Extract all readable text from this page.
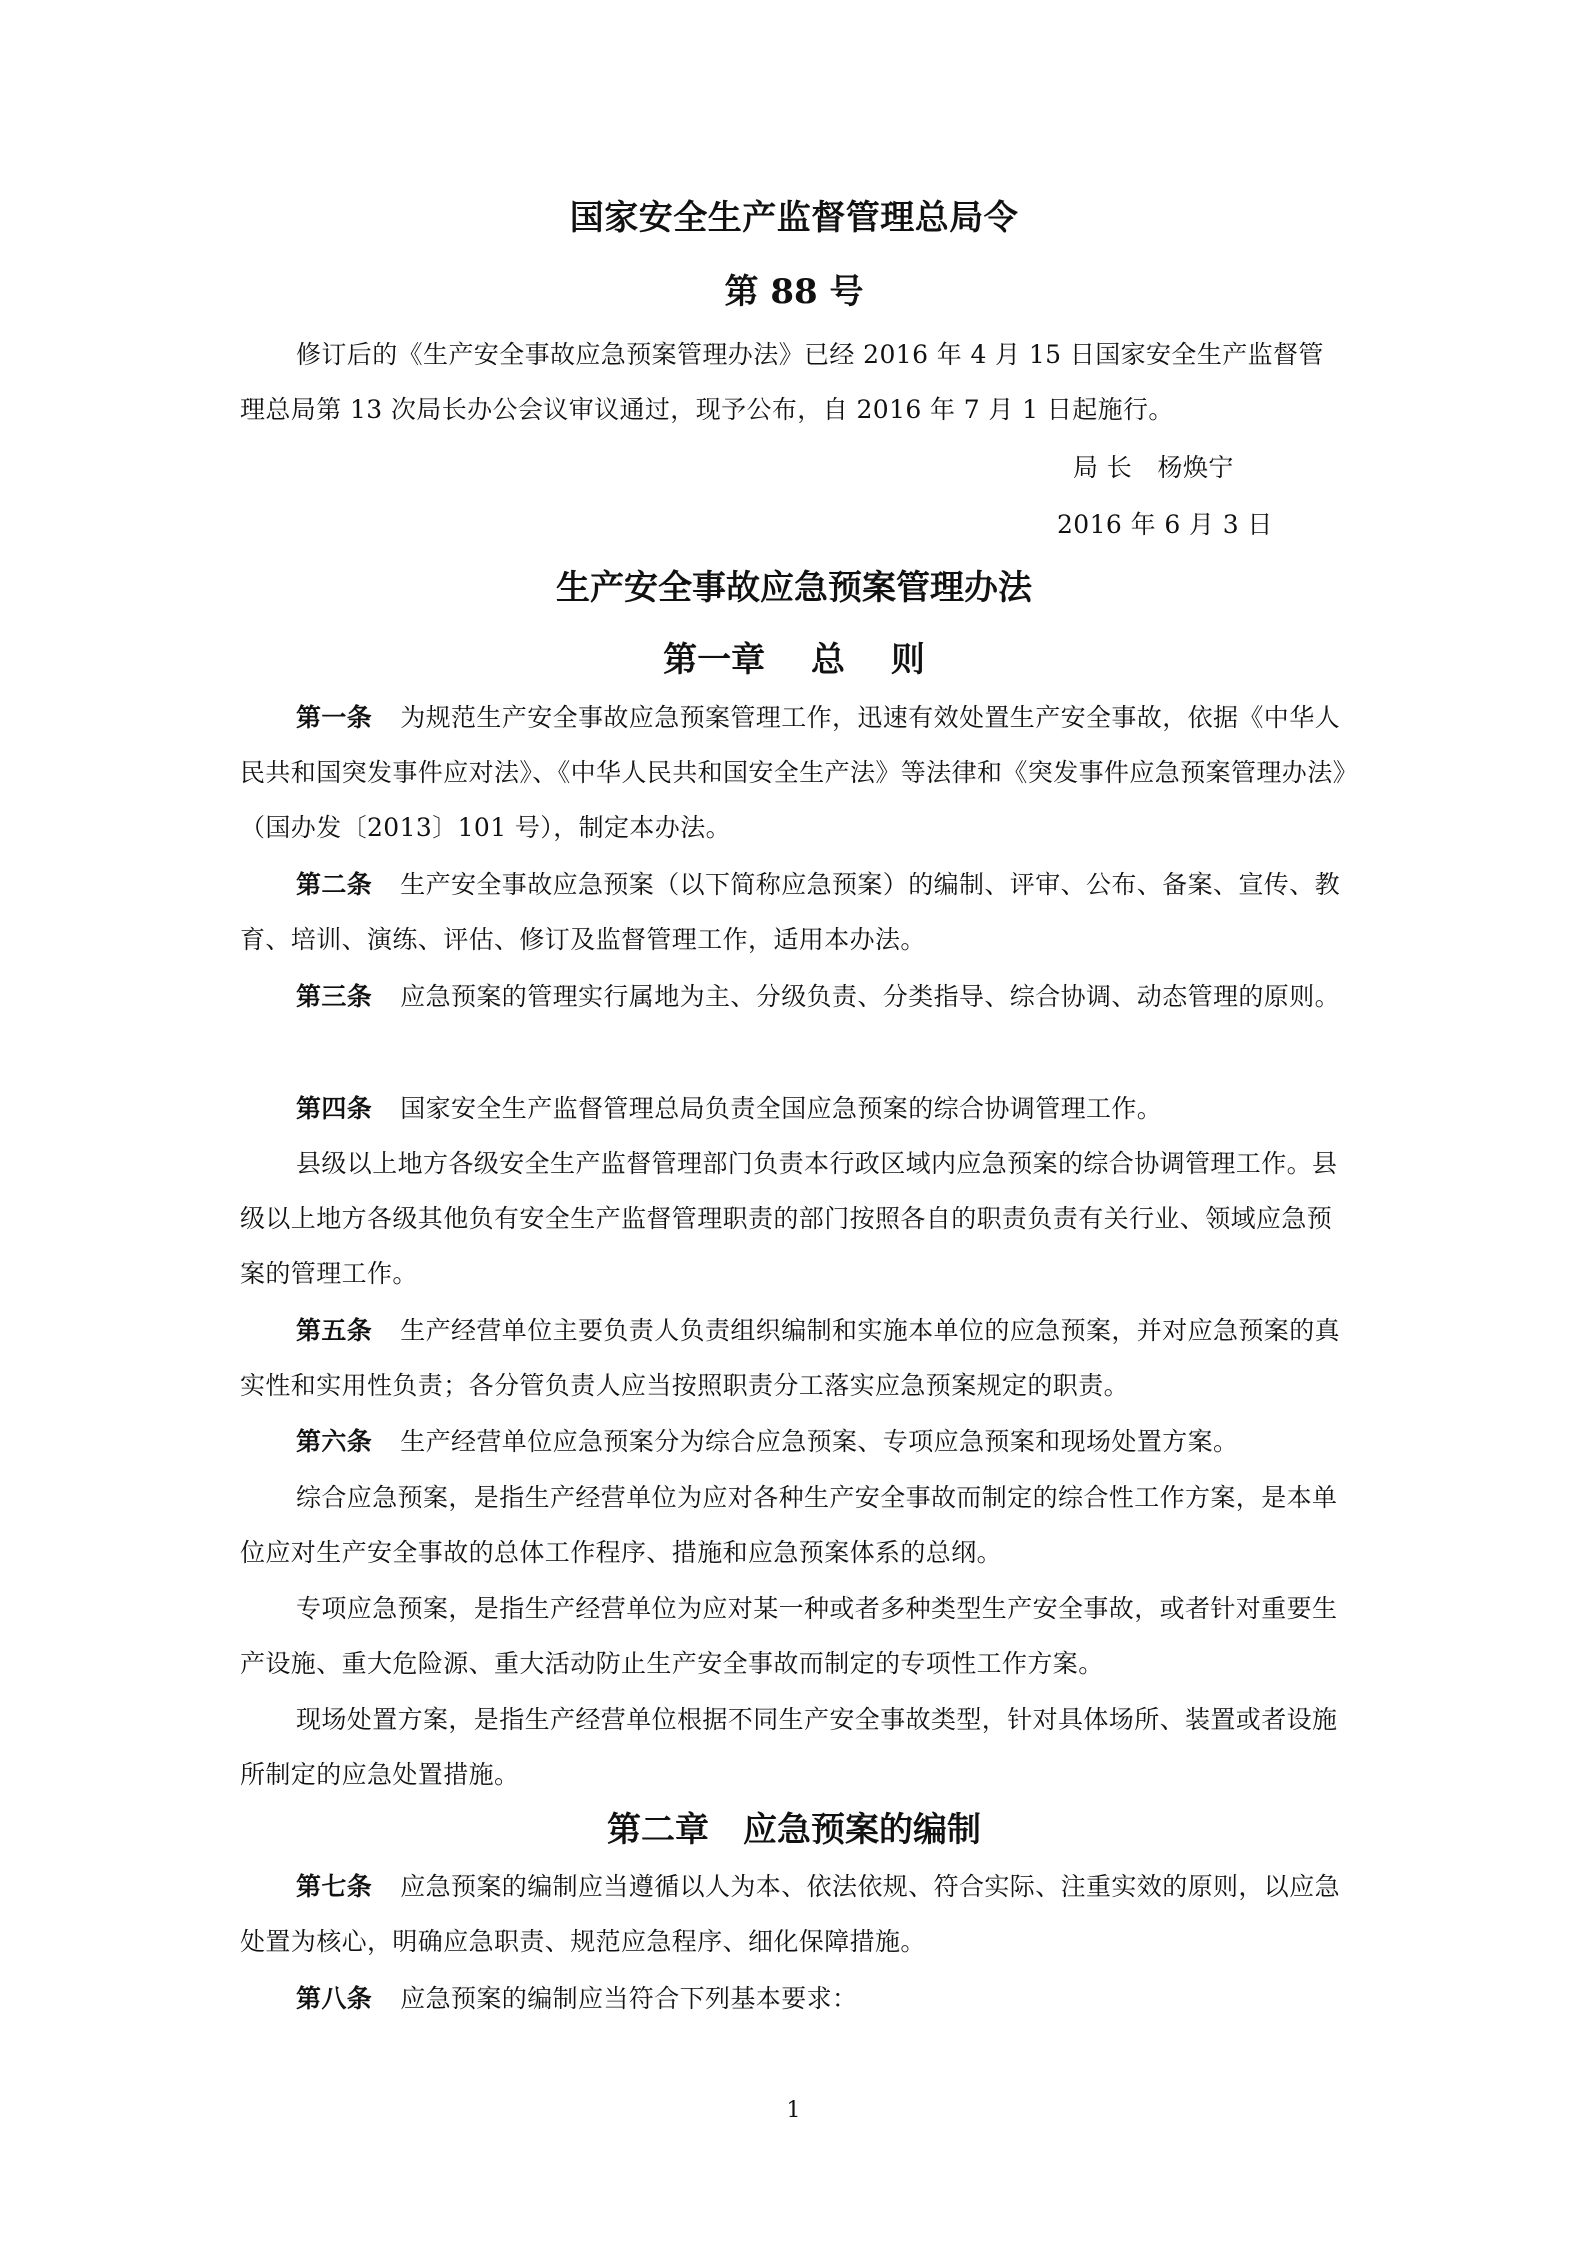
国家安全生产监督管理总局令
第 88 号

修订后的《生产安全事故应急预案管理办法》已经 2016 年 4 月 15 日国家安全生产监督管理总局第 13 次局长办公会议审议通过，现予公布，自 2016 年 7 月 1 日起施行。

局 长　杨焕宁
2016 年 6 月 3 日
生产安全事故应急预案管理办法
第一章　 总　 则

第一条 为规范生产安全事故应急预案管理工作，迅速有效处置生产安全事故，依据《中华人民共和国突发事件应对法》、《中华人民共和国安全生产法》等法律和《突发事件应急预案管理办法》（国办发〔2013〕101 号），制定本办法。

第二条 生产安全事故应急预案（以下简称应急预案）的编制、评审、公布、备案、宣传、教育、培训、演练、评估、修订及监督管理工作，适用本办法。

第三条 应急预案的管理实行属地为主、分级负责、分类指导、综合协调、动态管理的原则。

第四条 国家安全生产监督管理总局负责全国应急预案的综合协调管理工作。

县级以上地方各级安全生产监督管理部门负责本行政区域内应急预案的综合协调管理工作。县级以上地方各级其他负有安全生产监督管理职责的部门按照各自的职责负责有关行业、领域应急预案的管理工作。

第五条 生产经营单位主要负责人负责组织编制和实施本单位的应急预案，并对应急预案的真实性和实用性负责；各分管负责人应当按照职责分工落实应急预案规定的职责。

第六条 生产经营单位应急预案分为综合应急预案、专项应急预案和现场处置方案。

综合应急预案，是指生产经营单位为应对各种生产安全事故而制定的综合性工作方案，是本单位应对生产安全事故的总体工作程序、措施和应急预案体系的总纲。

专项应急预案，是指生产经营单位为应对某一种或者多种类型生产安全事故，或者针对重要生产设施、重大危险源、重大活动防止生产安全事故而制定的专项性工作方案。

现场处置方案，是指生产经营单位根据不同生产安全事故类型，针对具体场所、装置或者设施所制定的应急处置措施。

第二章　应急预案的编制

第七条 应急预案的编制应当遵循以人为本、依法依规、符合实际、注重实效的原则，以应急处置为核心，明确应急职责、规范应急程序、细化保障措施。

第八条 应急预案的编制应当符合下列基本要求：

1
